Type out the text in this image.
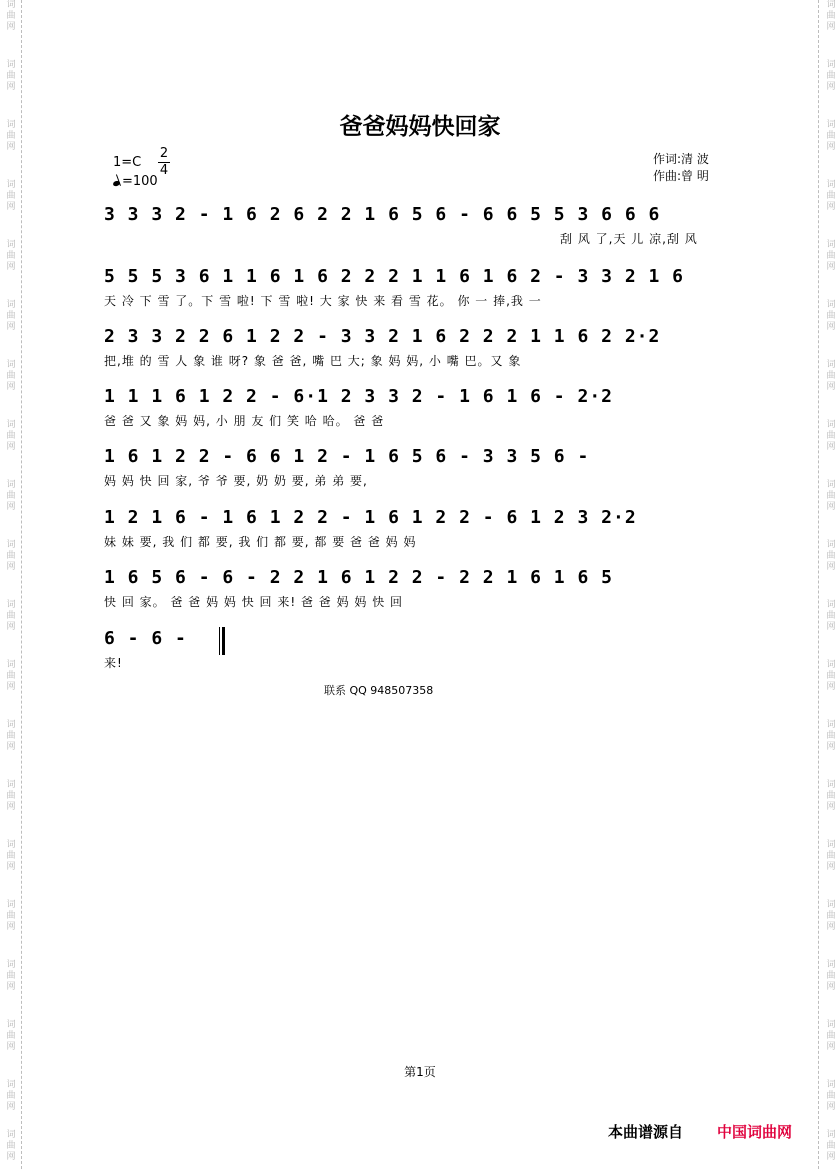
词
曲
网
词
曲
网
词
曲
网
词
曲
网
词
曲
网
词
曲
网
词
曲
网
词
曲
网
词
曲
网
词
曲
网
词
曲
网
词
曲
网
词
曲
网
词
曲
网
词
曲
网
词
曲
网
词
曲
网
词
曲
网
词
曲
网
词
曲
网
词
曲
网
词
曲
网
词
曲
网
词
曲
网
词
曲
网
词
曲
网
词
曲
网
词
曲
网
词
曲
网
词
曲
网
词
曲
网
词
曲
网
词
曲
网
词
曲
网
词
曲
网
词
曲
网
词
曲
网
词
曲
网
词
曲
网
词
曲
网
爸爸妈妈快回家
1=C
2
4
=100
作词:清 波
作曲:曾 明
3 3 3 2 - 1 6 2 6 2 2 1 6 5 6 - 6 6 5 5 3 6 6 6
刮 风 了,天 儿 凉,刮 风
5 5 5 3 6 1 1 6 1 6 2 2 2 1 1 6 1 6 2 - 3 3 2 1 6
天 冷 下 雪 了。下 雪 啦! 下 雪 啦! 大 家 快 来 看 雪 花。 你 一 捧,我 一
2 3 3 2 2 6 1 2 2 - 3 3 2 1 6 2 2 2 1 1 6 2 2·2
把,堆 的 雪 人 象 谁 呀? 象 爸 爸, 嘴 巴 大; 象 妈 妈, 小 嘴 巴。又 象
1 1 1 6 1 2 2 - 6·1 2 3 3 2 - 1 6 1 6 - 2·2
爸 爸 又 象 妈 妈, 小 朋 友 们 笑 哈 哈。 爸 爸
1 6 1 2 2 - 6 6 1 2 - 1 6 5 6 - 3 3 5 6 -
妈 妈 快 回 家, 爷 爷 要, 奶 奶 要, 弟 弟 要,
1 2 1 6 - 1 6 1 2 2 - 1 6 1 2 2 - 6 1 2 3 2·2
妹 妹 要, 我 们 都 要, 我 们 都 要, 都 要 爸 爸 妈 妈
1 6 5 6 - 6 - 2 2 1 6 1 2 2 - 2 2 1 6 1 6 5
快 回 家。 爸 爸 妈 妈 快 回 来! 爸 爸 妈 妈 快 回
6 - 6 -
来!
联系 QQ 948507358
第1页
本曲谱源自 中国词曲网
